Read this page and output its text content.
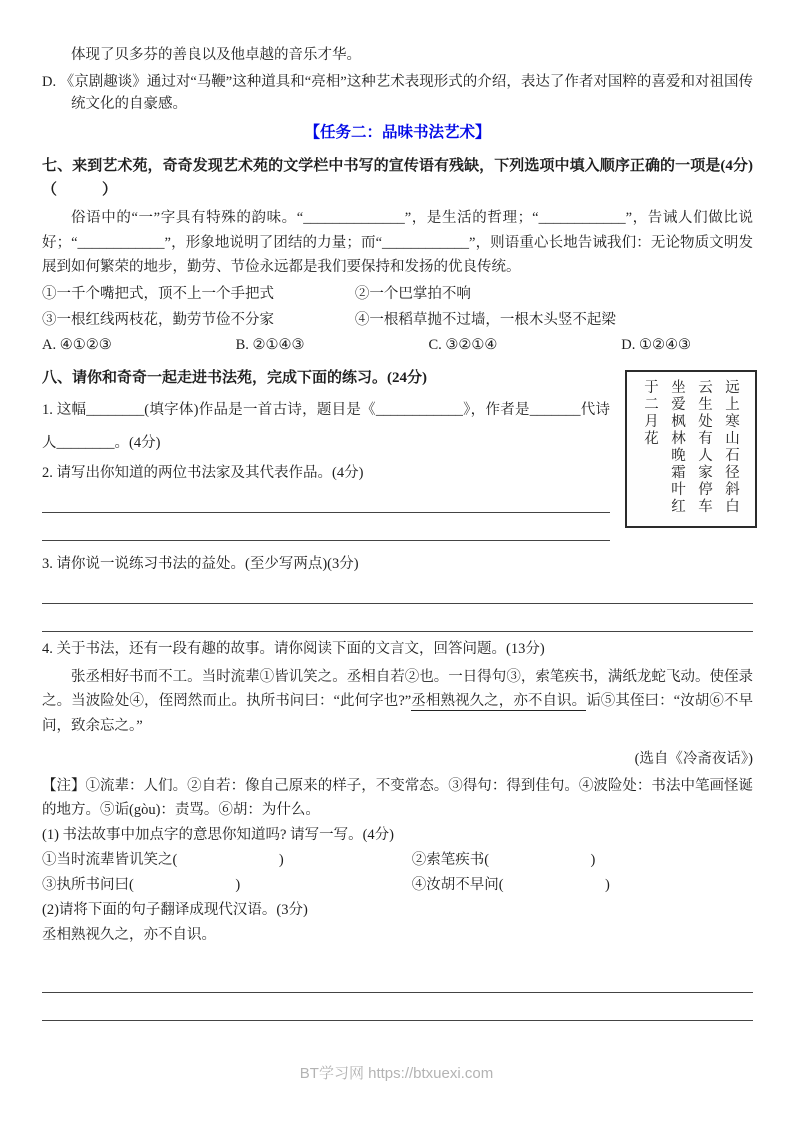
体现了贝多芬的善良以及他卓越的音乐才华。

D. 《京剧趣谈》通过对“马鞭”这种道具和“亮相”这种艺术表现形式的介绍，表达了作者对国粹的喜爱和对祖国传统文化的自豪感。

【任务二：品味书法艺术】

七、来到艺术苑，奇奇发现艺术苑的文学栏中书写的宣传语有残缺，下列选项中填入顺序正确的一项是(4分)（　　　）

俗语中的“一”字具有特殊的韵味。“______________”，是生活的哲理；“____________”，告诫人们做比说好；“____________”，形象地说明了团结的力量；而“____________”，则语重心长地告诫我们：无论物质文明发展到如何繁荣的地步，勤劳、节俭永远都是我们要保持和发扬的优良传统。

①一千个嘴把式，顶不上一个手把式	②一个巴掌拍不响
③一根红线两枝花，勤劳节俭不分家	④一根稻草抛不过墙，一根木头竖不起梁
A. ④①②③	B. ②①④③	C. ③②①④	D. ①②④③

八、请你和奇奇一起走进书法苑，完成下面的练习。(24分)

1. 这幅________(填字体)作品是一首古诗，题目是《____________》，作者是_______代诗人________。(4分)

2. 请写出你知道的两位书法家及其代表作品。(4分)

3. 请你说一说练习书法的益处。(至少写两点)(3分)

4. 关于书法，还有一段有趣的故事。请你阅读下面的文言文，回答问题。(13分)

张丞相好书而不工。当时流辈①皆讥笑之。丞相自若②也。一日得句③，索笔疾书，满纸龙蛇飞动。使侄录之。当波险处④，侄罔然而止。执所书问曰：“此何字也?”丞相熟视久之，亦不自识。诟⑤其侄曰：“汝胡⑥不早问，致余忘之。”

(选自《冷斋夜话》)

【注】①流辈：人们。②自若：像自己原来的样子，不变常态。③得句：得到佳句。④波险处：书法中笔画怪诞的地方。⑤诟(gòu)：责骂。⑥胡：为什么。

(1) 书法故事中加点字的意思你知道吗? 请写一写。(4分)

①当时流辈皆讥笑之(　　　　　　　)	②索笔疾书(　　　　　　　)
③执所书问曰(　　　　　　　)	④汝胡不早问(　　　　　　　)

(2)请将下面的句子翻译成现代汉语。(3分)

丞相熟视久之，亦不自识。

远上寒山石径斜白云生处有人家停车坐爱枫林晚霜叶红于二月花
BT学习网 https://btxuexi.com
